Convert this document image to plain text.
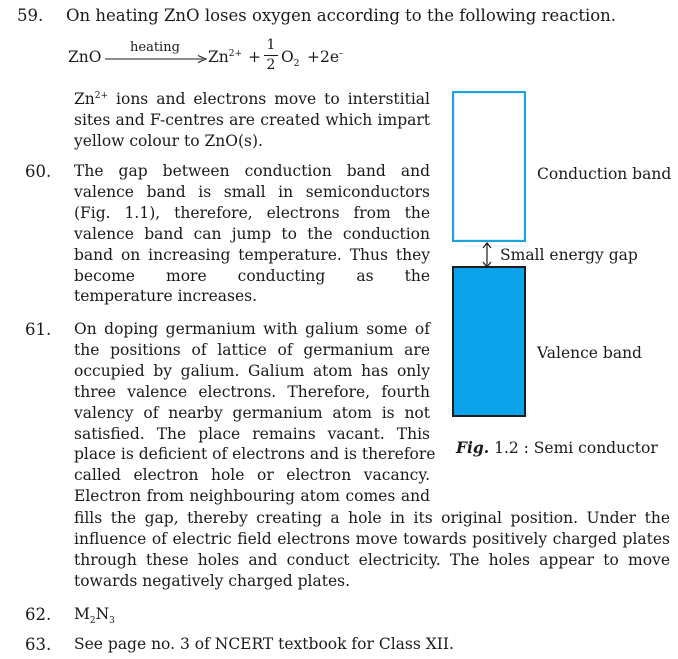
59. On heating ZnO loses oxygen according to the following reaction.
ZnO
heating
$Zn^{2+}$ +
1
2 $O_2 +2e^-$
$Zn^{2+}$ ions and electrons move to interstitial
sites and F-centres are created which impart
yellow colour to ZnO(s).
60. The gap between conduction band and
valence band is small in semiconductors
(Fig. 1.1), therefore, electrons from the
valence band can jump to the conduction
band on increasing temperature. Thus they
become more conducting as the
temperature increases.
61. On doping germanium with galium some of
the positions of lattice of germanium are
occupied by galium. Galium atom has only
three valence electrons. Therefore, fourth
valency of nearby germanium atom is not
satisfied. The place remains vacant. This
place is deficient of electrons and is therefore
called electron hole or electron vacancy.
Electron from neighbouring atom comes and
fills the gap, thereby creating a hole in its original position. Under the
influence of electric field electrons move towards positively charged plates
through these holes and conduct electricity. The holes appear to move
towards negatively charged plates.
62. $M_2N_3$
63. See page no. 3 of NCERT textbook for Class XII.
Conduction band
Small energy gap
Valence band
Fig. 1.2 : Semi conductor
